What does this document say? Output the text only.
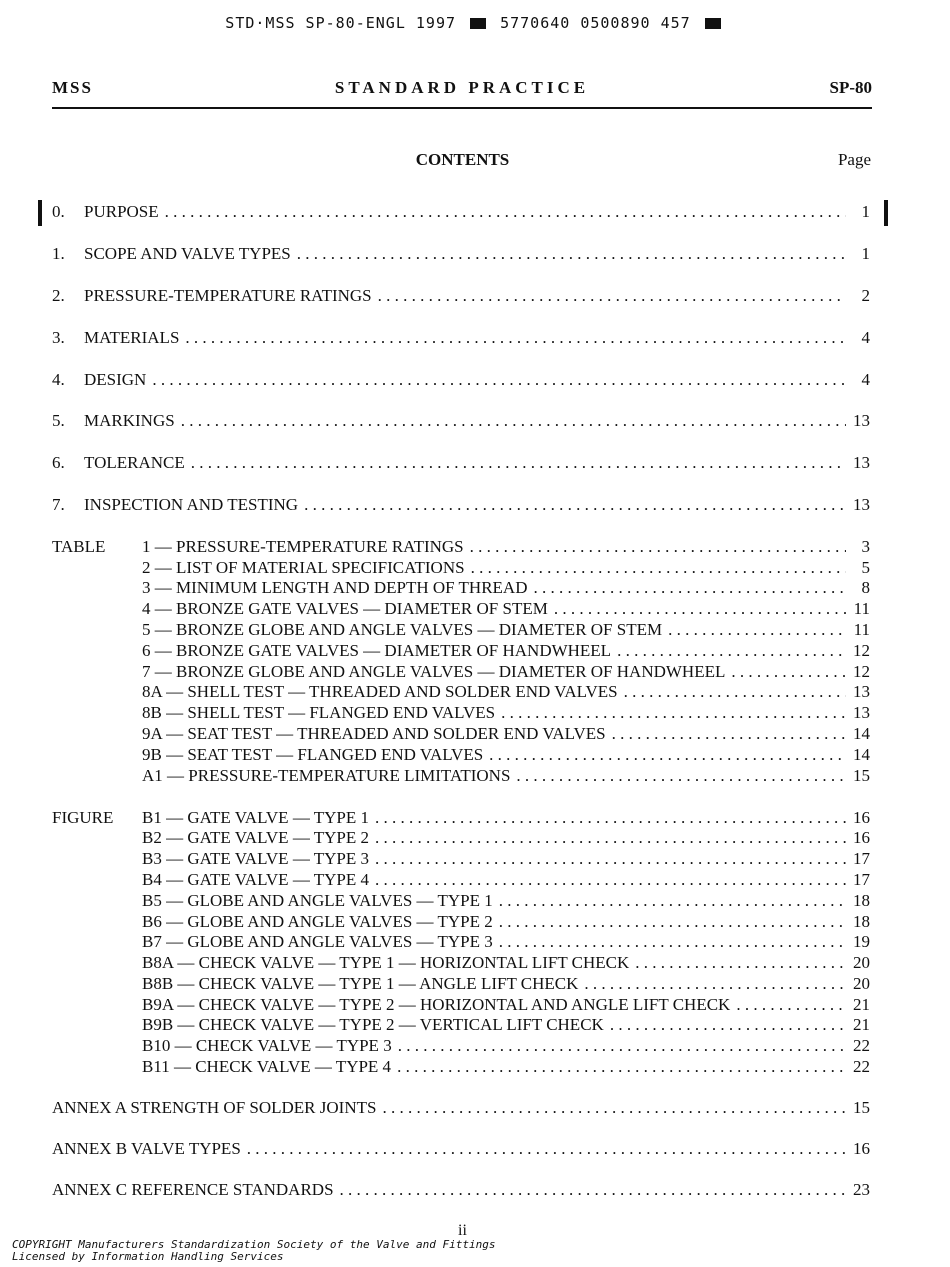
STD·MSS SP-80-ENGL 1997	5770640 0500890 457
STANDARD PRACTICE
MSS	SP-80
CONTENTS	Page
0.	PURPOSE . . .	1
1.	SCOPE AND VALVE TYPES . . .	1
2.	PRESSURE-TEMPERATURE RATINGS . . .	2
3.	MATERIALS . . .	4
4.	DESIGN . . .	4
5.	MARKINGS . . .	13
6.	TOLERANCE . . .	13
7.	INSPECTION AND TESTING . . .	13
TABLE 1 — PRESSURE-TEMPERATURE RATINGS . . .	3
2 — LIST OF MATERIAL SPECIFICATIONS . . .	5
3 — MINIMUM LENGTH AND DEPTH OF THREAD . . .	8
4 — BRONZE GATE VALVES — DIAMETER OF STEM . . .	11
5 — BRONZE GLOBE AND ANGLE VALVES — DIAMETER OF STEM . . .	11
6 — BRONZE GATE VALVES — DIAMETER OF HANDWHEEL . . .	12
7 — BRONZE GLOBE AND ANGLE VALVES — DIAMETER OF HANDWHEEL . . .	12
8A — SHELL TEST — THREADED AND SOLDER END VALVES . . .	13
8B — SHELL TEST — FLANGED END VALVES . . .	13
9A — SEAT TEST — THREADED AND SOLDER END VALVES . . .	14
9B — SEAT TEST — FLANGED END VALVES . . .	14
A1 — PRESSURE-TEMPERATURE LIMITATIONS . . .	15
FIGURE B1 — GATE VALVE — TYPE 1 . . .	16
B2 — GATE VALVE — TYPE 2 . . .	16
B3 — GATE VALVE — TYPE 3 . . .	17
B4 — GATE VALVE — TYPE 4 . . .	17
B5 — GLOBE AND ANGLE VALVES — TYPE 1 . . .	18
B6 — GLOBE AND ANGLE VALVES — TYPE 2 . . .	18
B7 — GLOBE AND ANGLE VALVES — TYPE 3 . . .	19
B8A — CHECK VALVE — TYPE 1 — HORIZONTAL LIFT CHECK . . .	20
B8B — CHECK VALVE — TYPE 1 — ANGLE LIFT CHECK . . .	20
B9A — CHECK VALVE — TYPE 2 — HORIZONTAL AND ANGLE LIFT CHECK . . .	21
B9B — CHECK VALVE — TYPE 2 — VERTICAL LIFT CHECK . . .	21
B10 — CHECK VALVE — TYPE 3 . . .	22
B11 — CHECK VALVE — TYPE 4 . . .	22
ANNEX A STRENGTH OF SOLDER JOINTS . . .	15
ANNEX B VALVE TYPES . . .	16
ANNEX C REFERENCE STANDARDS . . .	23
ii
COPYRIGHT Manufacturers Standardization Society of the Valve and Fittings
Licensed by Information Handling Services
